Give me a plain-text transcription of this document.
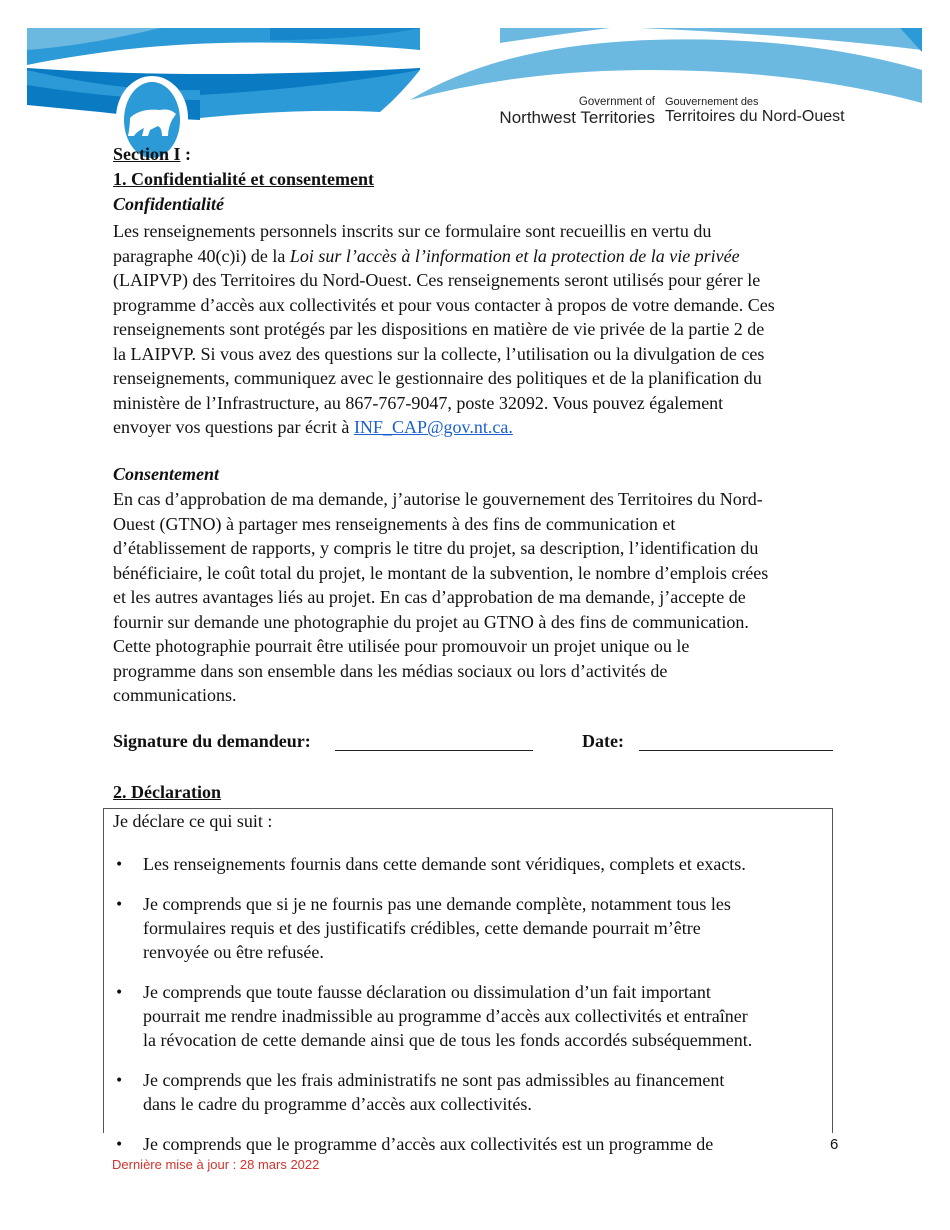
Government of
Northwest Territories
Gouvernement des
Territoires du Nord-Ouest
Section I :
1. Confidentialité et consentement
Confidentialité
Les renseignements personnels inscrits sur ce formulaire sont recueillis en vertu du
paragraphe 40(c)i) de la Loi sur l’accès à l’information et la protection de la vie privée
(LAIPVP) des Territoires du Nord-Ouest. Ces renseignements seront utilisés pour gérer le
programme d’accès aux collectivités et pour vous contacter à propos de votre demande. Ces
renseignements sont protégés par les dispositions en matière de vie privée de la partie 2 de
la LAIPVP. Si vous avez des questions sur la collecte, l’utilisation ou la divulgation de ces
renseignements, communiquez avec le gestionnaire des politiques et de la planification du
ministère de l’Infrastructure, au 867-767-9047, poste 32092. Vous pouvez également
envoyer vos questions par écrit à INF_CAP@gov.nt.ca.
Consentement
En cas d’approbation de ma demande, j’autorise le gouvernement des Territoires du Nord-
Ouest (GTNO) à partager mes renseignements à des fins de communication et
d’établissement de rapports, y compris le titre du projet, sa description, l’identification du
bénéficiaire, le coût total du projet, le montant de la subvention, le nombre d’emplois crées
et les autres avantages liés au projet. En cas d’approbation de ma demande, j’accepte de
fournir sur demande une photographie du projet au GTNO à des fins de communication.
Cette photographie pourrait être utilisée pour promouvoir un projet unique ou le
programme dans son ensemble dans les médias sociaux ou lors d’activités de
communications.
Signature du demandeur:	Date:
2. Déclaration
Je déclare ce qui suit :
• Les renseignements fournis dans cette demande sont véridiques, complets et exacts.
• Je comprends que si je ne fournis pas une demande complète, notamment tous les
formulaires requis et des justificatifs crédibles, cette demande pourrait m’être
renvoyée ou être refusée.
• Je comprends que toute fausse déclaration ou dissimulation d’un fait important
pourrait me rendre inadmissible au programme d’accès aux collectivités et entraîner
la révocation de cette demande ainsi que de tous les fonds accordés subséquemment.
• Je comprends que les frais administratifs ne sont pas admissibles au financement
dans le cadre du programme d’accès aux collectivités.
• Je comprends que le programme d’accès aux collectivités est un programme de	6
Dernière mise à jour : 28 mars 2022
